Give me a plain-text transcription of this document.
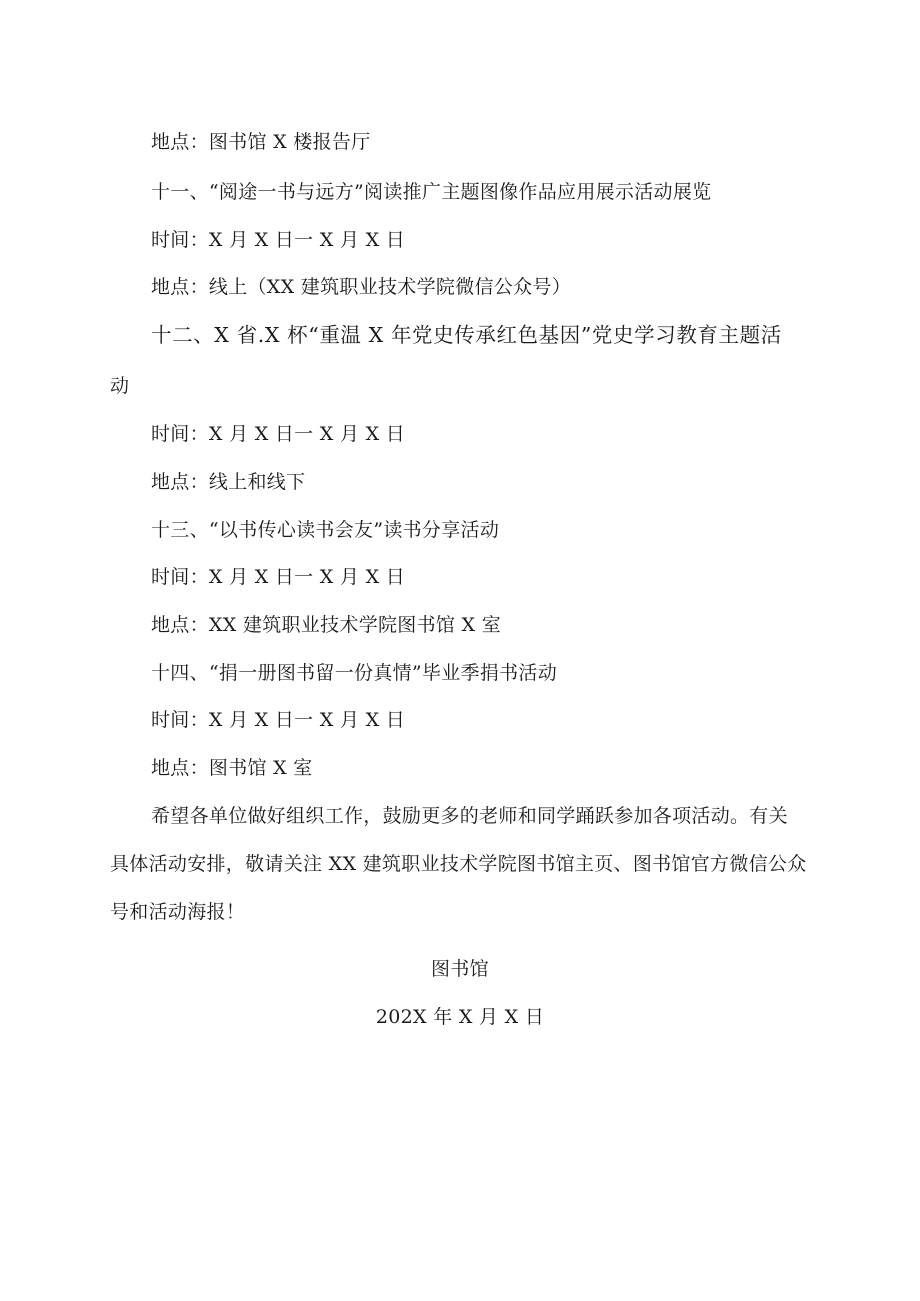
地点：图书馆 X 楼报告厅
十一、“阅途一书与远方”阅读推广主题图像作品应用展示活动展览
时间：X 月 X 日一 X 月 X 日
地点：线上（XX 建筑职业技术学院微信公众号）
十二、X 省.X 杯“重温 X 年党史传承红色基因”党史学习教育主题活
动
时间：X 月 X 日一 X 月 X 日
地点：线上和线下
十三、“以书传心读书会友”读书分享活动
时间：X 月 X 日一 X 月 X 日
地点：XX 建筑职业技术学院图书馆 X 室
十四、“捐一册图书留一份真情”毕业季捐书活动
时间：X 月 X 日一 X 月 X 日
地点：图书馆 X 室
希望各单位做好组织工作，鼓励更多的老师和同学踊跃参加各项活动。有关
具体活动安排，敬请关注 XX 建筑职业技术学院图书馆主页、图书馆官方微信公众
号和活动海报！
图书馆
202X 年 X 月 X 日
